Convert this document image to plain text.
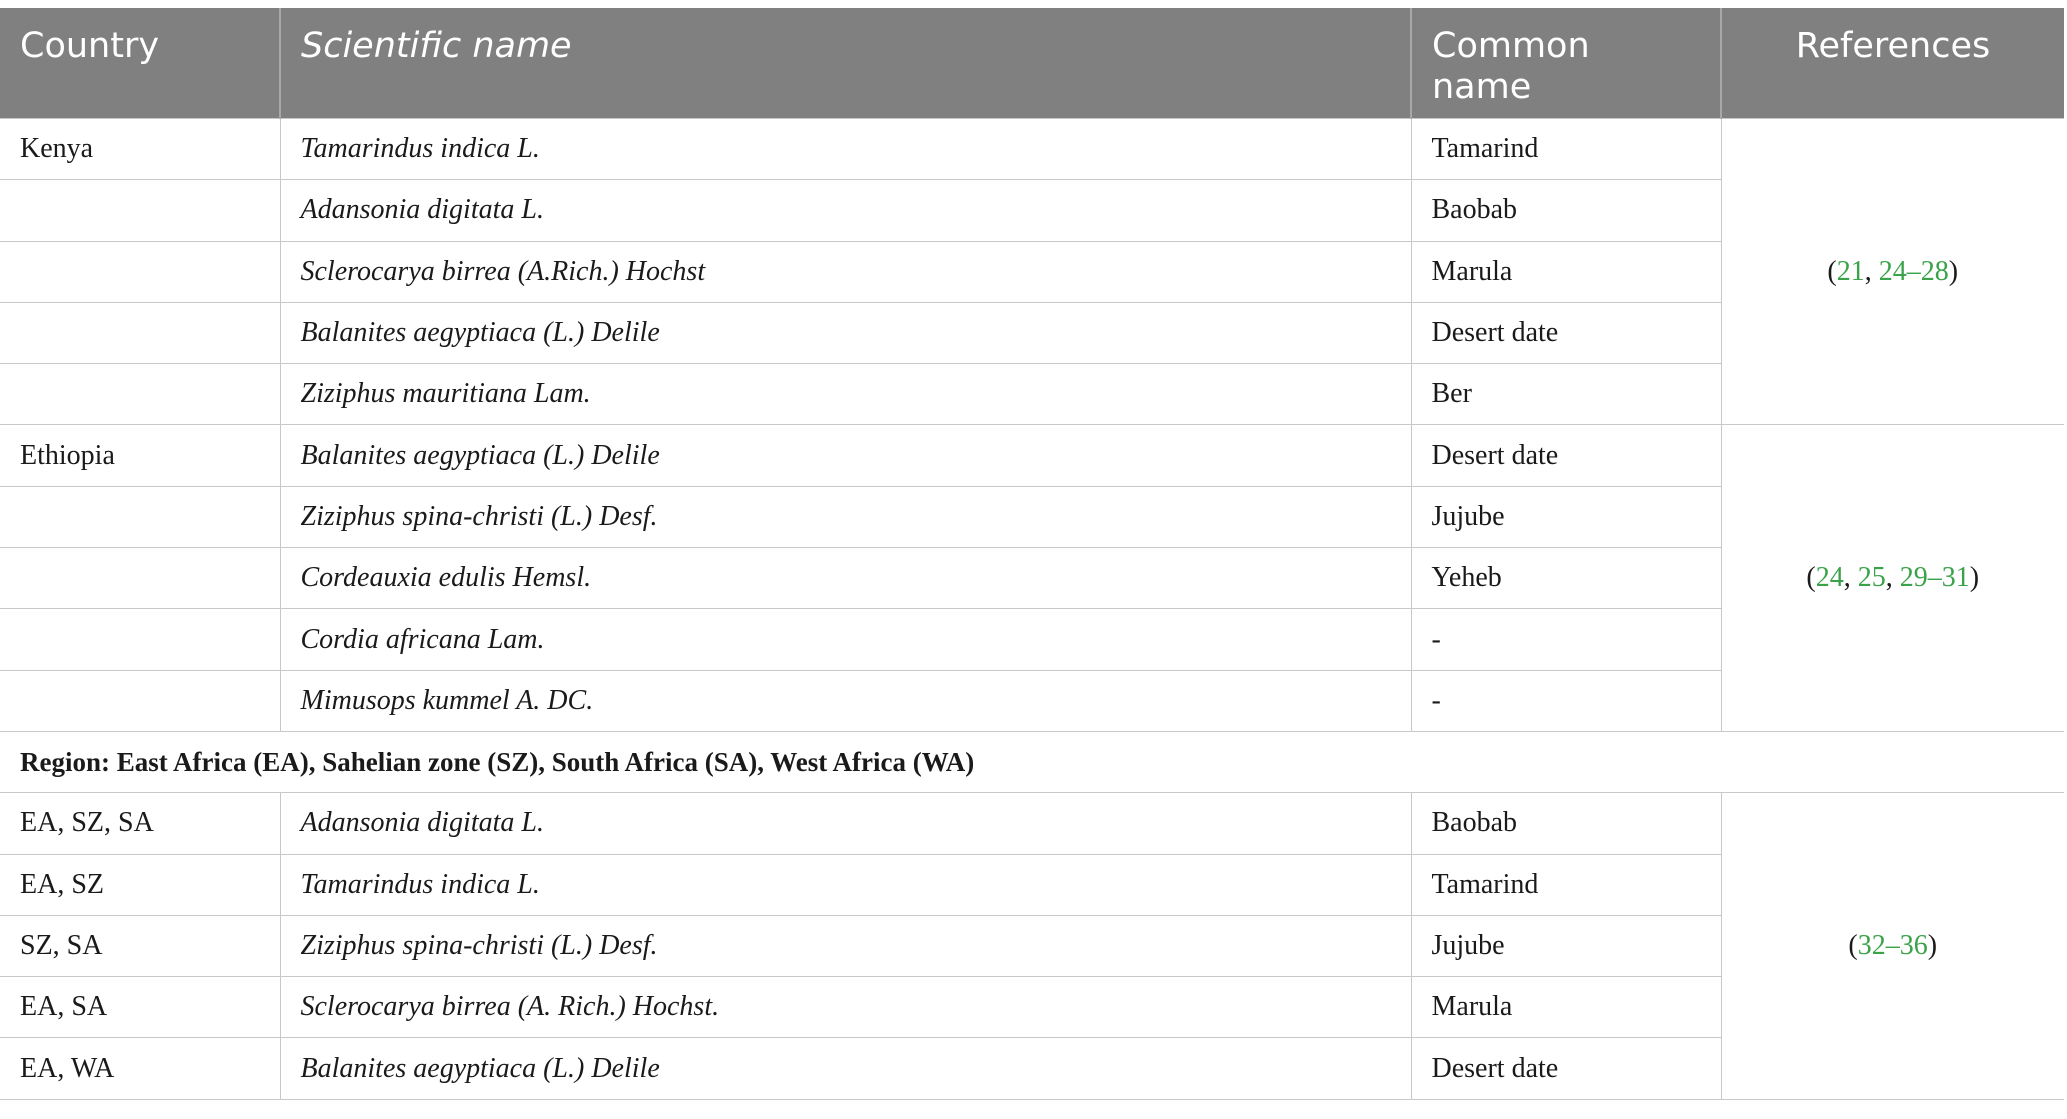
Country	Scientific name	Common name	References
Kenya	Tamarindus indica L.	Tamarind	(21, 24–28)
	Adansonia digitata L.	Baobab	
	Sclerocarya birrea (A.Rich.) Hochst	Marula	
	Balanites aegyptiaca (L.) Delile	Desert date	
	Ziziphus mauritiana Lam.	Ber	
Ethiopia	Balanites aegyptiaca (L.) Delile	Desert date	(24, 25, 29–31)
	Ziziphus spina-christi (L.) Desf.	Jujube	
	Cordeauxia edulis Hemsl.	Yeheb	
	Cordia africana Lam.	-	
	Mimusops kummel A. DC.	-	
Region: East Africa (EA), Sahelian zone (SZ), South Africa (SA), West Africa (WA)			
EA, SZ, SA	Adansonia digitata L.	Baobab	(32–36)
EA, SZ	Tamarindus indica L.	Tamarind	
SZ, SA	Ziziphus spina-christi (L.) Desf.	Jujube	
EA, SA	Sclerocarya birrea (A. Rich.) Hochst.	Marula	
EA, WA	Balanites aegyptiaca (L.) Delile	Desert date	
